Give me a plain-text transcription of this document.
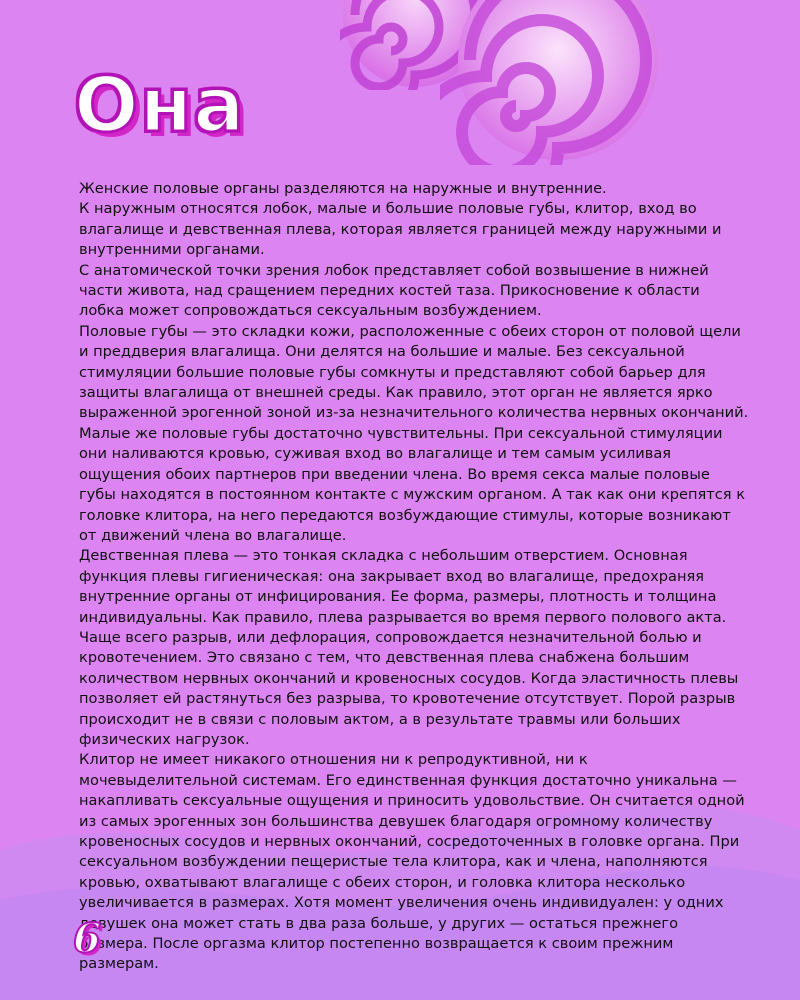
Она

Женские половые органы разделяются на наружные и внутренние.

К наружным относятся лобок, малые и большие половые губы, клитор, вход во влагалище и девственная плева, которая является границей между наружными и внутренними органами.

С анатомической точки зрения лобок представляет собой возвышение в нижней части живота, над сращением передних костей таза. Прикосновение к области лобка может сопровождаться сексуальным возбуждением.

Половые губы — это складки кожи, расположенные с обеих сторон от половой щели и преддверия влагалища. Они делятся на большие и малые. Без сексуальной стимуляции большие половые губы сомкнуты и представляют собой барьер для защиты влагалища от внешней среды. Как правило, этот орган не является ярко выраженной эрогенной зоной из-за незначительного количества нервных окончаний. Малые же половые губы достаточно чувствительны. При сексуальной стимуляции они наливаются кровью, суживая вход во влагалище и тем самым усиливая ощущения обоих партнеров при введении члена. Во время секса малые половые губы находятся в постоянном контакте с мужским органом. А так как они крепятся к головке клитора, на него передаются возбуждающие стимулы, которые возникают от движений члена во влагалище.

Девственная плева — это тонкая складка с небольшим отверстием. Основная функция плевы гигиеническая: она закрывает вход во влагалище, предохраняя внутренние органы от инфицирования. Ее форма, размеры, плотность и толщина индивидуальны. Как правило, плева разрывается во время первого полового акта. Чаще всего разрыв, или дефлорация, сопровождается незначительной болью и кровотечением. Это связано с тем, что девственная плева снабжена большим количеством нервных окончаний и кровеносных сосудов. Когда эластичность плевы позволяет ей растянуться без разрыва, то кровотечение отсутствует. Порой разрыв происходит не в связи с половым актом, а в результате травмы или больших физических нагрузок.

Клитор не имеет никакого отношения ни к репродуктивной, ни к мочевыделительной системам. Его единственная функция достаточно уникальна — накапливать сексуальные ощущения и приносить удовольствие. Он считается одной из самых эрогенных зон большинства девушек благодаря огромному количеству кровеносных сосудов и нервных окончаний, сосредоточенных в головке органа. При сексуальном возбуждении пещеристые тела клитора, как и члена, наполняются кровью, охватывают влагалище с обеих сторон, и головка клитора несколько увеличивается в размерах. Хотя момент увеличения очень индивидуален: у одних девушек она может стать в два раза больше, у других — остаться прежнего размера. После оргазма клитор постепенно возвращается к своим прежним размерам.

6
